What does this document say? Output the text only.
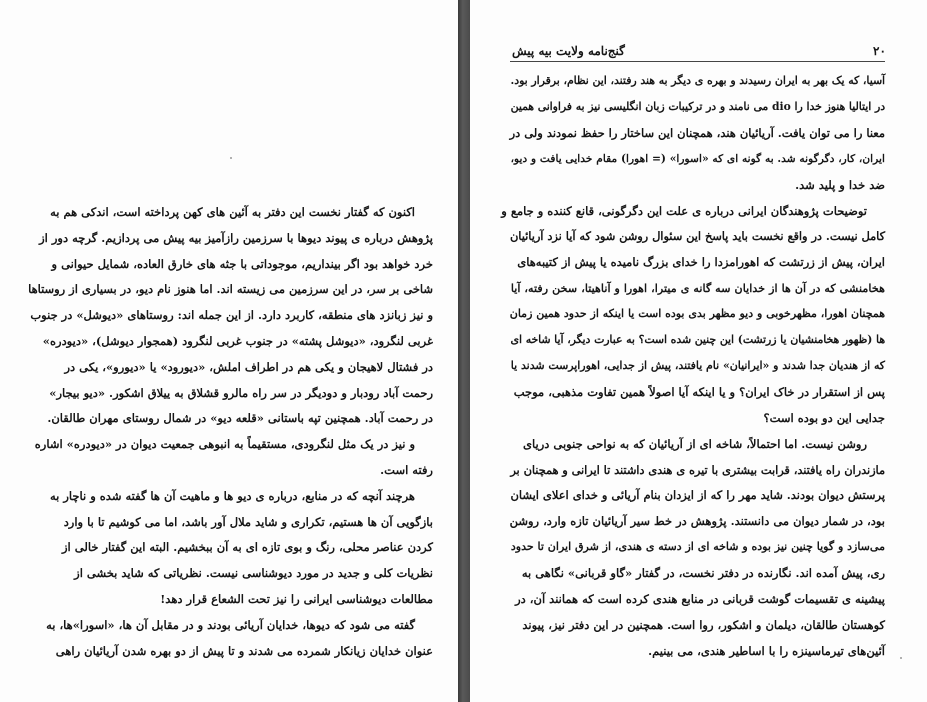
اکنون که گفتار نخست این دفتر به آئین های کهن پرداخته است، اندکی هم به
پژوهش درباره ی پیوند دیوها با سرزمین رازآمیز بیه پیش می پردازیم. گرچه دور از
خرد خواهد بود اگر بینداریم، موجوداتی با جثه های خارق العاده، شمایل حیوانی و
شاخی بر سر، در این سرزمین می زیسته اند. اما هنوز نام دیو، در بسیاری از روستاها
و نیز زبانزد های منطقه، کاربرد دارد. از این جمله اند: روستاهای «دیوشل» در جنوب
غربی لنگرود، «دیوشل پشته» در جنوب غربی لنگرود (همجوار دیوشل)، «دیودره»
در فشتال لاهیجان و یکی هم در اطراف املش، «دیورود» یا «دیورو»، یکی در
رحمت آباد رودبار و دودیگر در سر راه مالرو قشلاق به ییلاق اشکور. «دیو بیجار»
در رحمت آباد. همچنین تپه باستانی «قلعه دیو» در شمال روستای مهران طالقان.
و نیز در یک مثل لنگرودی، مستقیماً به انبوهی جمعیت دیوان در «دیودره» اشاره
رفته است.
هرچند آنچه که در منابع، درباره ی دیو ها و ماهیت آن ها گفته شده و ناچار به
بازگویی آن ها هستیم، تکراری و شاید ملال آور باشد، اما می کوشیم تا با وارد
کردن عناصر محلی، رنگ و بوی تازه ای به آن ببخشیم. البته این گفتار خالی از
نظریات کلی و جدید در مورد دیوشناسی نیست. نظریاتی که شاید بخشی از
مطالعات دیوشناسی ایرانی را نیز تحت الشعاع قرار دهد!
گفته می شود که دیوها، خدایان آریائی بودند و در مقابل آن ها، «اسورا»ها، به
عنوان خدایان زیانکار شمرده می شدند و تا پیش از دو بهره شدن آریائیان راهی
۲۰
گنج‌نامه ولایت بیه پیش
آسیا، که یک بهر به ایران رسیدند و بهره ی دیگر به هند رفتند، این نظام، برقرار بود.
در ایتالیا هنوز خدا را dio می نامند و در ترکیبات زبان انگلیسی نیز به فراوانی همین
معنا را می توان یافت. آریائیان هند، همچنان این ساختار را حفظ نمودند ولی در
ایران، کار، دگرگونه شد. به گونه ای که «اسورا» (= اهورا) مقام خدایی یافت و دیو،
ضد خدا و پلید شد.
توضیحات پژوهندگان ایرانی درباره ی علت این دگرگونی، قانع کننده و جامع و
کامل نیست. در واقع نخست باید پاسخ این سئوال روشن شود که آیا نزد آریائیان
ایران، پیش از زرتشت که اهورامزدا را خدای بزرگ نامیده یا پیش از کتیبه‌های
هخامنشی که در آن ها از خدایان سه گانه ی میترا، اهورا و آناهیتا، سخن رفته، آیا
همچنان اهورا، مظهرخوبی و دیو مظهر بدی بوده است یا اینکه از حدود همین زمان
ها (ظهور هخامنشیان یا زرتشت) این چنین شده است؟ به عبارت دیگر، آیا شاخه ای
که از هندیان جدا شدند و «ایرانیان» نام یافتند، پیش از جدایی، اهوراپرست شدند یا
پس از استقرار در خاک ایران؟ و یا اینکه آیا اصولاً همین تفاوت مذهبی، موجب
جدایی این دو بوده است؟
روشن نیست. اما احتمالاً، شاخه ای از آریائیان که به نواحی جنوبی دریای
مازندران راه یافتند، قرابت بیشتری با تیره ی هندی داشتند تا ایرانی و همچنان بر
پرستش دیوان بودند. شاید مهر را که از ایزدان بنام آریائی و خدای اعلای ایشان
بود، در شمار دیوان می دانستند. پژوهش در خط سیر آریائیان تازه وارد، روشن
می‌سازد و گویا چنین نیز بوده و شاخه ای از دسته ی هندی، از شرق ایران تا حدود
ری، پیش آمده اند. نگارنده در دفتر نخست، در گفتار «گاو قربانی» نگاهی به
پیشینه ی تقسیمات گوشت قربانی در منابع هندی کرده است که همانند آن، در
کوهستان طالقان، دیلمان و اشکور، روا است. همچنین در این دفتر نیز، پیوند
آئین‌های تیرماسینزه را با اساطیر هندی، می بینیم.
